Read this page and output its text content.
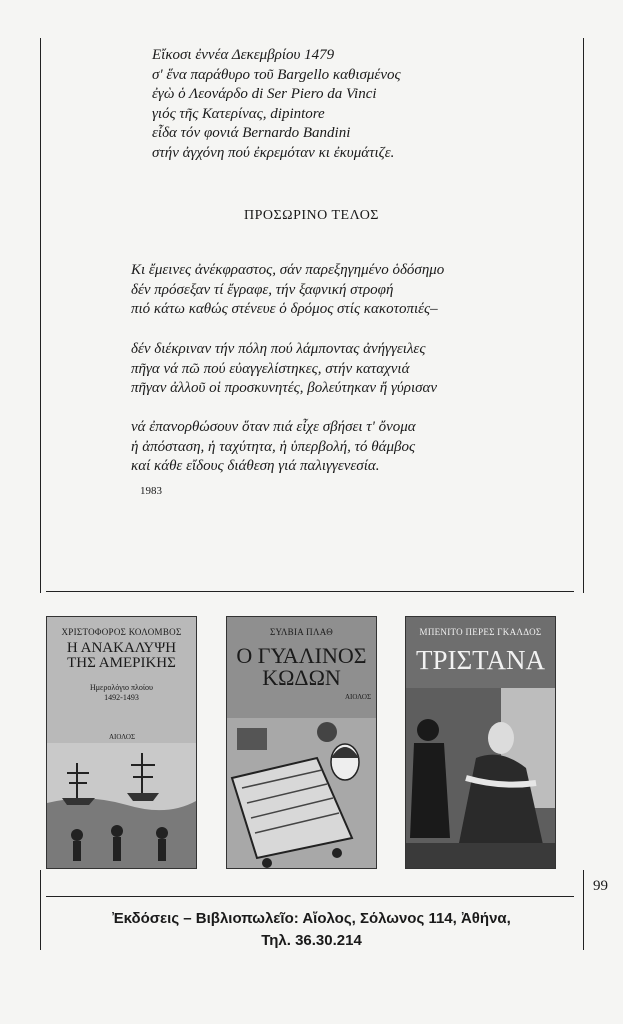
Εἴκοσι ἐννέα Δεκεμβρίου 1479
σ' ἕνα παράθυρο τοῦ Bargello καθισμένος
ἐγὼ ὁ Λεονάρδο di Ser Piero da Vinci
γιός τῆς Κατερίνας, dipintore
εἶδα τόν φονιά Bernardo Bandini
στήν ἀγχόνη πού ἐκρεμόταν κι ἐκυμάτιζε.
ΠΡΟΣΩΡΙΝΟ ΤΕΛΟΣ
Κι ἔμεινες ἀνέκφραστος, σάν παρεξηγημένο ὁδόσημο
δέν πρόσεξαν τί ἔγραφε, τήν ξαφνική στροφή
πιό κάτω καθώς στένευε ὁ δρόμος στίς κακοτοπιές–
δέν διέκριναν τήν πόλη πού λάμποντας ἀνήγγειλες
πῆγα νά πῶ πού εὐαγγελίστηκες, στήν καταχνιά
πῆγαν ἀλλοῦ οἱ προσκυνητές, βολεύτηκαν ἤ γύρισαν
νά ἐπανορθώσουν ὅταν πιά εἶχε σβήσει τ' ὄνομα
ἡ ἀπόσταση, ἡ ταχύτητα, ἡ ὑπερβολή, τό θάμβος
καί κάθε εἴδους διάθεση γιά παλιγγενεσία.
1983
ΧΡΙΣΤΟΦΟΡΟΣ ΚΟΛΟΜΒΟΣ
Η ΑΝΑΚΑΛΥΨΗ
ΤΗΣ ΑΜΕΡΙΚΗΣ
Ημερολόγιο πλοίου
1492-1493
ΑΙΟΛΟΣ
ΣΥΛΒΙΑ ΠΛΑΘ
Ο ΓΥΑΛΙΝΟΣ
ΚΩΔΩΝ
ΑΙΟΛΟΣ
ΜΠΕΝΙΤΟ ΠΕΡΕΣ ΓΚΑΛΔΟΣ
ΤΡΙΣΤΑΝΑ
99
Ἐκδόσεις – Βιβλιοπωλεῖο: Αἴολος, Σόλωνος 114, Ἀθήνα,
Τηλ. 36.30.214
